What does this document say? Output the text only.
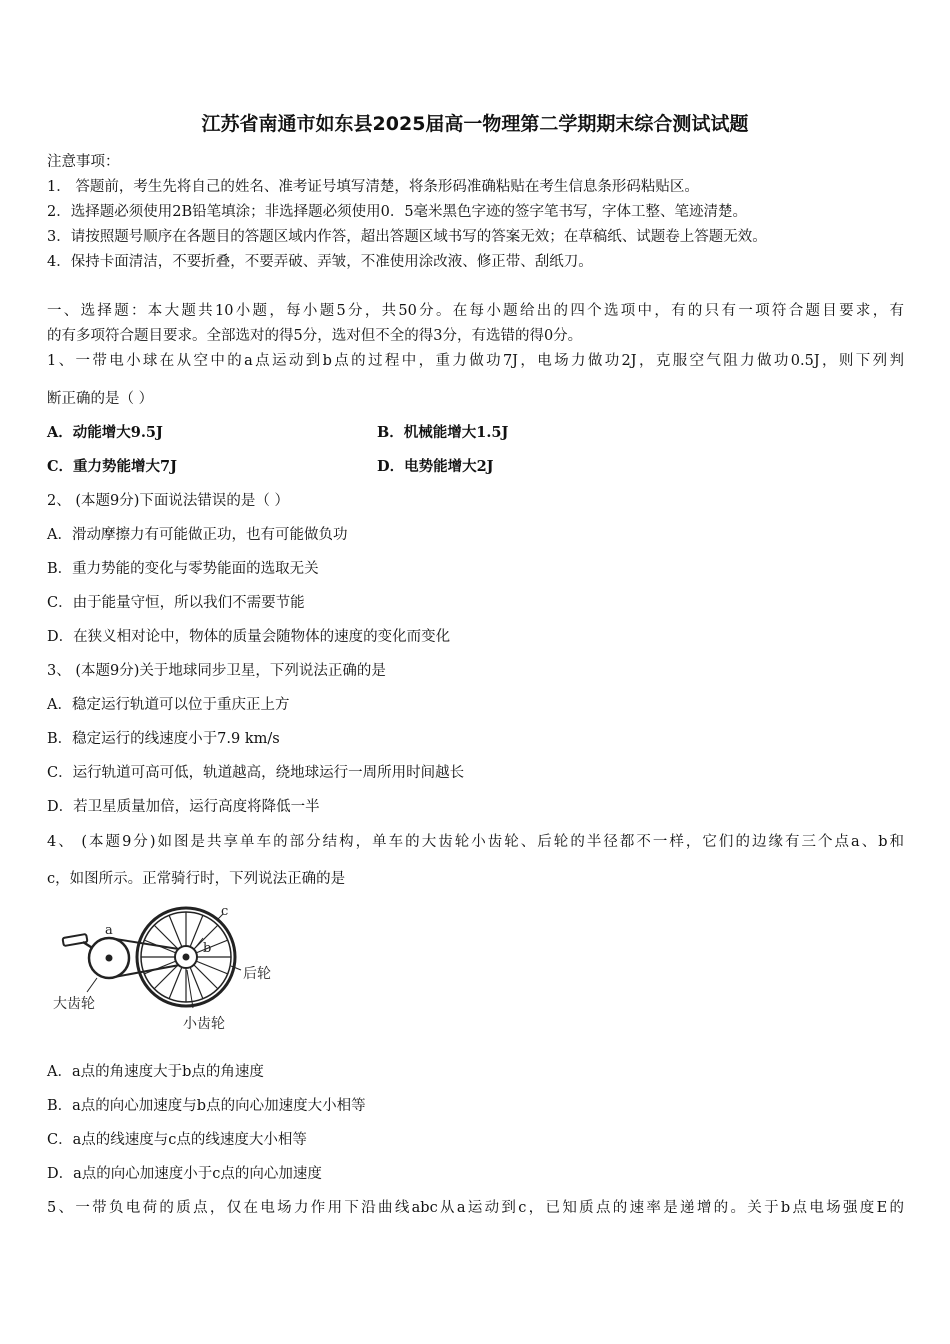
江苏省南通市如东县2025届高一物理第二学期期末综合测试试题
注意事项：
1． 答题前，考生先将自己的姓名、准考证号填写清楚，将条形码准确粘贴在考生信息条形码粘贴区。
2．选择题必须使用2B铅笔填涂；非选择题必须使用0．5毫米黑色字迹的签字笔书写，字体工整、笔迹清楚。
3．请按照题号顺序在各题目的答题区域内作答，超出答题区域书写的答案无效；在草稿纸、试题卷上答题无效。
4．保持卡面清洁，不要折叠，不要弄破、弄皱，不准使用涂改液、修正带、刮纸刀。
一、选择题：本大题共10小题，每小题5分，共50分。在每小题给出的四个选项中，有的只有一项符合题目要求，有
的有多项符合题目要求。全部选对的得5分，选对但不全的得3分，有选错的得0分。
1、一带电小球在从空中的a点运动到b点的过程中，重力做功7J，电场力做功2J，克服空气阻力做功0.5J，则下列判
断正确的是（ ）
A．动能增大9.5J	B．机械能增大1.5J
C．重力势能增大7J	D．电势能增大2J
2、 (本题9分)下面说法错误的是（ ）
A．滑动摩擦力有可能做正功，也有可能做负功
B．重力势能的变化与零势能面的选取无关
C．由于能量守恒，所以我们不需要节能
D．在狭义相对论中，物体的质量会随物体的速度的变化而变化
3、 (本题9分)关于地球同步卫星，下列说法正确的是
A．稳定运行轨道可以位于重庆正上方
B．稳定运行的线速度小于7.9 km/s
C．运行轨道可高可低，轨道越高，绕地球运行一周所用时间越长
D．若卫星质量加倍，运行高度将降低一半
4、 (本题9分)如图是共享单车的部分结构，单车的大齿轮小齿轮、后轮的半径都不一样，它们的边缘有三个点a、b和
c，如图所示。正常骑行时，下列说法正确的是
a
b
c
大齿轮
小齿轮
后轮
A．a点的角速度大于b点的角速度
B．a点的向心加速度与b点的向心加速度大小相等
C．a点的线速度与c点的线速度大小相等
D．a点的向心加速度小于c点的向心加速度
5、一带负电荷的质点，仅在电场力作用下沿曲线abc从a运动到c，已知质点的速率是递增的。关于b点电场强度E的
